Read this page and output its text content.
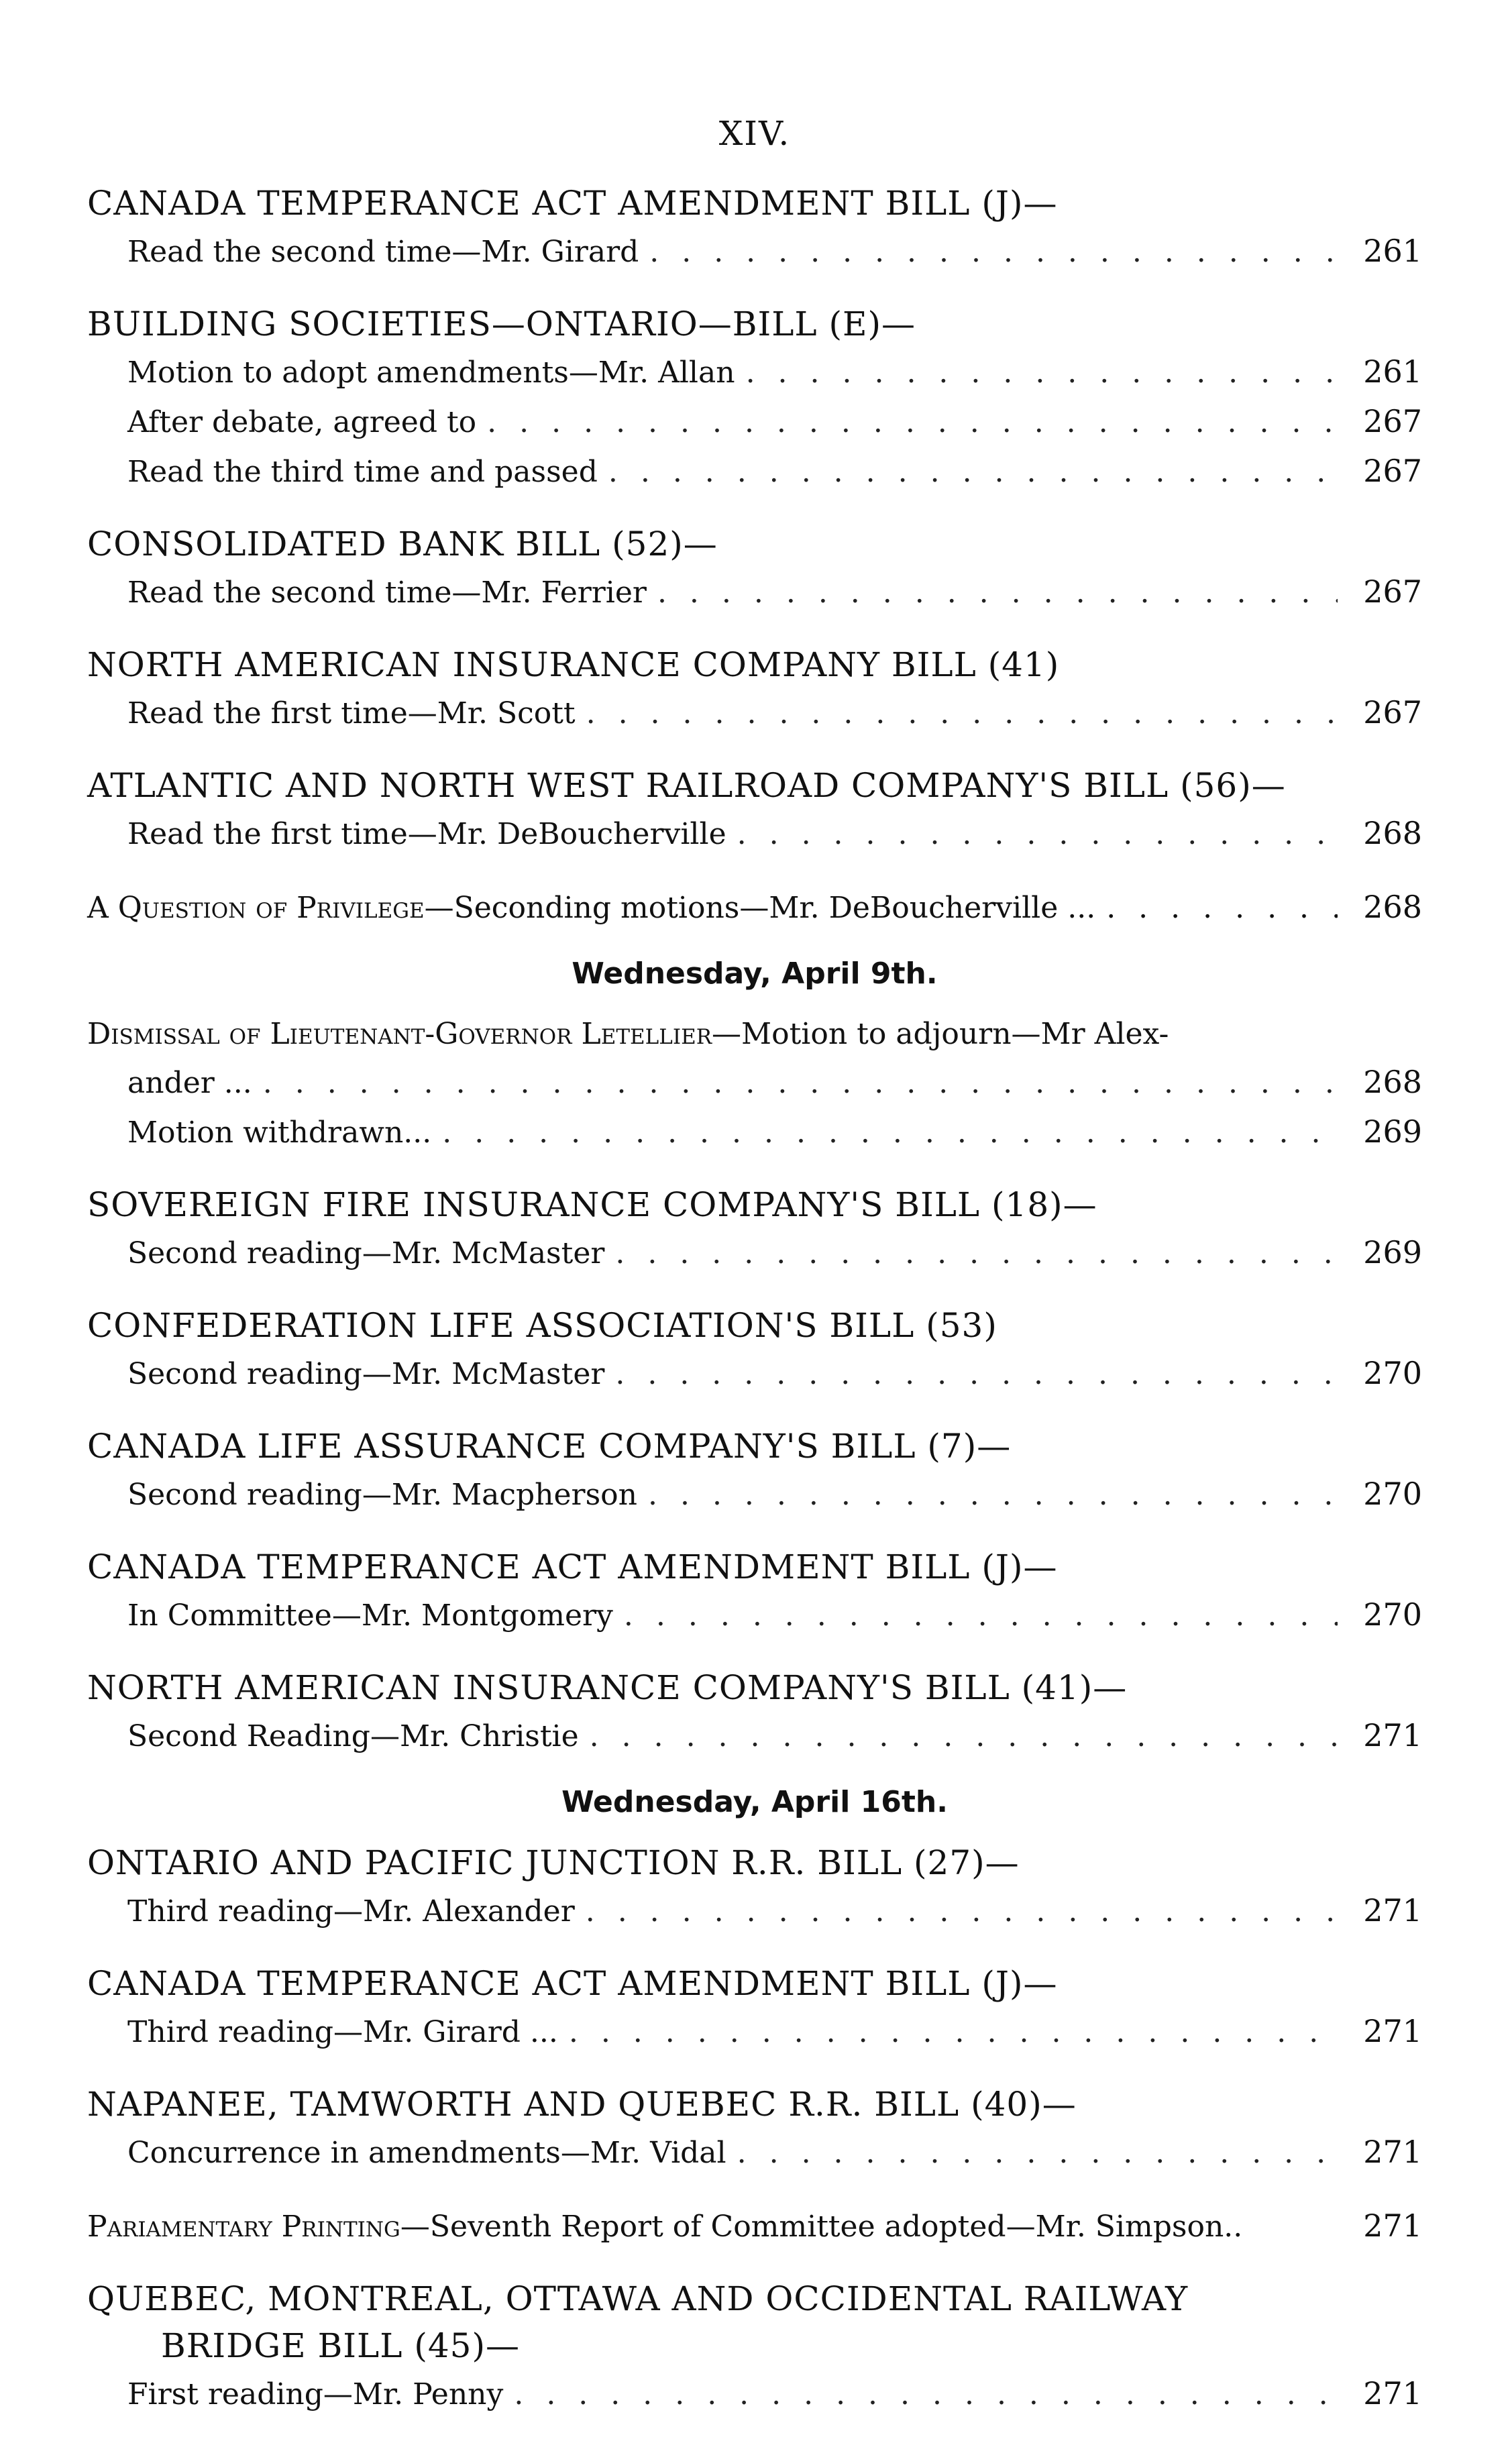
XIV.
CANADA TEMPERANCE ACT AMENDMENT BILL (J)—
Read the second time—Mr. Girard . . .	261
BUILDING SOCIETIES—ONTARIO—BILL (E)—
Motion to adopt amendments—Mr. Allan . . .	261
After debate, agreed to . . .	267
Read the third time and passed . . .	267
CONSOLIDATED BANK BILL (52)—
Read the second time—Mr. Ferrier . . .	267
NORTH AMERICAN INSURANCE COMPANY BILL (41)
Read the first time—Mr. Scott . . .	267
ATLANTIC AND NORTH WEST RAILROAD COMPANY'S BILL (56)—
Read the first time—Mr. DeBoucherville . . .	268
A Question of Privilege—Seconding motions—Mr. DeBoucherville ... . . .	268
Wednesday, April 9th.
Dismissal of Lieutenant-Governor Letellier—Motion to adjourn—Mr Alex-
ander ... . . .	268
Motion withdrawn... . . .	269
SOVEREIGN FIRE INSURANCE COMPANY'S BILL (18)—
Second reading—Mr. McMaster . . .	269
CONFEDERATION LIFE ASSOCIATION'S BILL (53)
Second reading—Mr. McMaster . . .	270
CANADA LIFE ASSURANCE COMPANY'S BILL (7)—
Second reading—Mr. Macpherson . . .	270
CANADA TEMPERANCE ACT AMENDMENT BILL (J)—
In Committee—Mr. Montgomery . . .	270
NORTH AMERICAN INSURANCE COMPANY'S BILL (41)—
Second Reading—Mr. Christie . . .	271
Wednesday, April 16th.
ONTARIO AND PACIFIC JUNCTION R.R. BILL (27)—
Third reading—Mr. Alexander . . .	271
CANADA TEMPERANCE ACT AMENDMENT BILL (J)—
Third reading—Mr. Girard ... . . .	271
NAPANEE, TAMWORTH AND QUEBEC R.R. BILL (40)—
Concurrence in amendments—Mr. Vidal . . .	271
Pariamentary Printing—Seventh Report of Committee adopted—Mr. Simpson..	271
QUEBEC, MONTREAL, OTTAWA AND OCCIDENTAL RAILWAY
BRIDGE BILL (45)—
First reading—Mr. Penny . . .	271
